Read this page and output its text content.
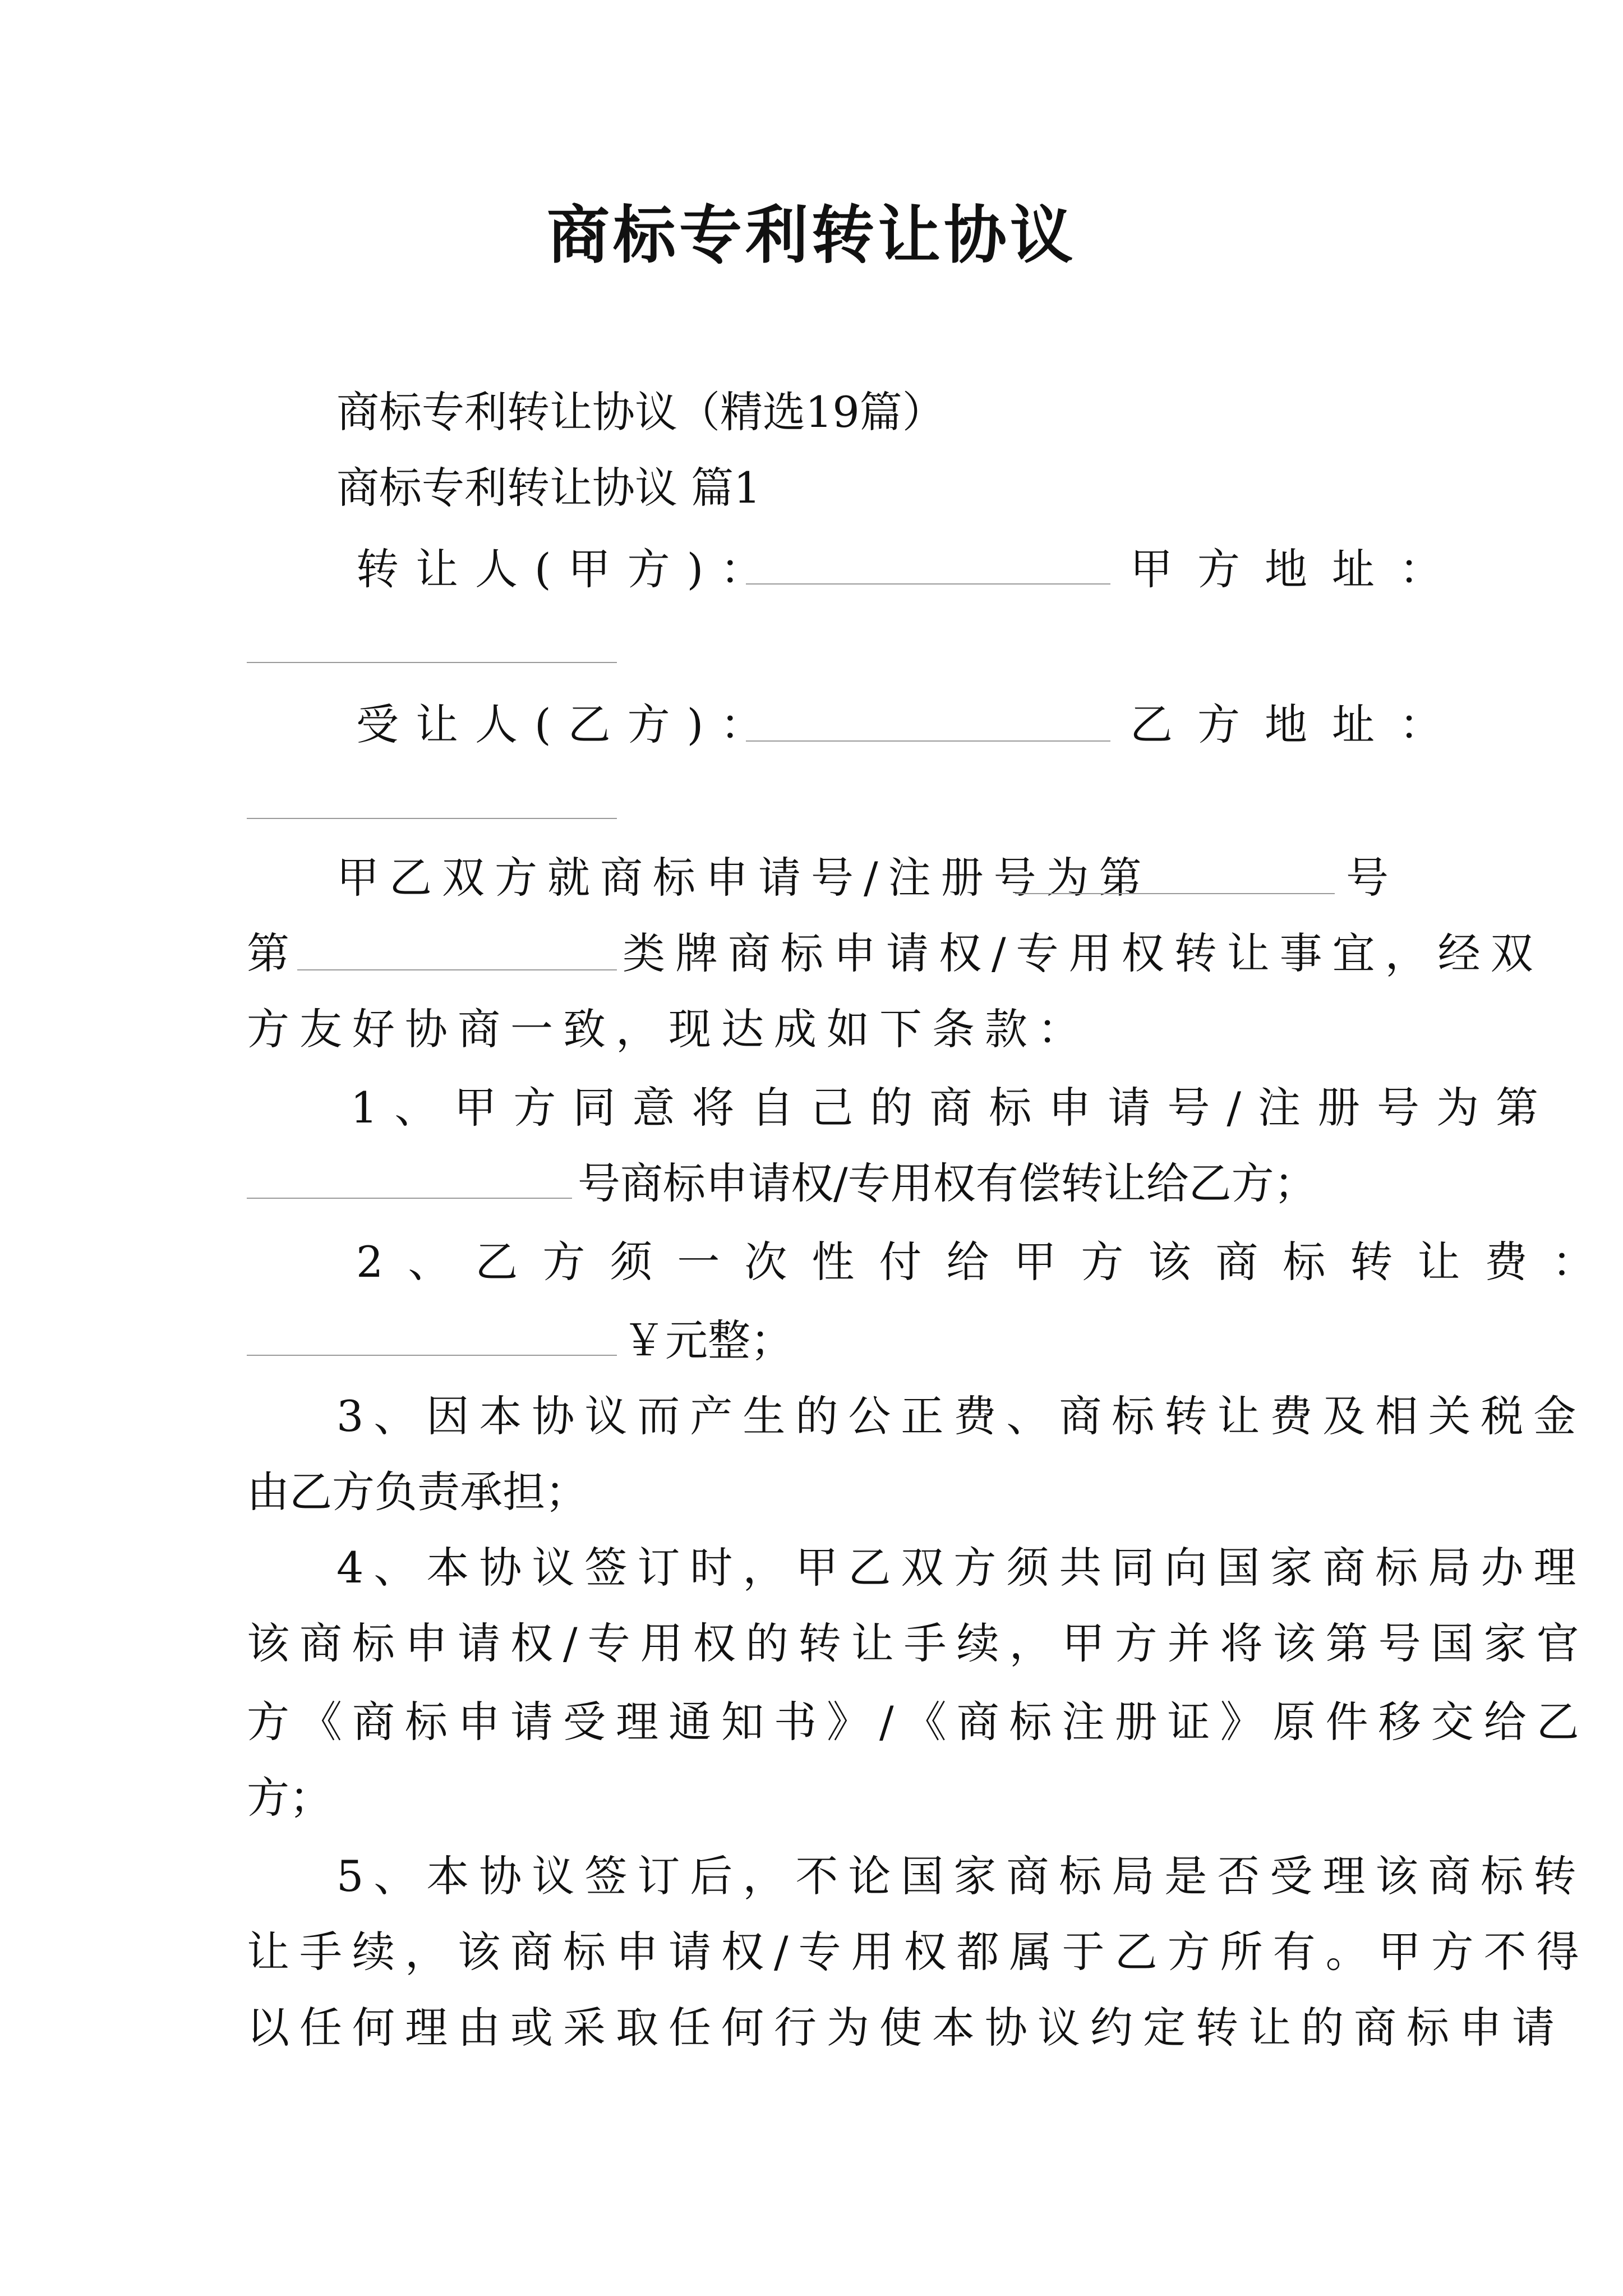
商标专利转让协议
商标专利转让协议（精选19篇）
商标专利转让协议 篇1
转让人(甲方)：	甲方地址：
受让人(乙方)：	乙方地址：
甲乙双方就商标申请号/注册号为第	号
第	类牌商标申请权/专用权转让事宜，经双
方友好协商一致，现达成如下条款：
1、甲方同意将自己的商标申请号/注册号为第
号商标申请权/专用权有偿转让给乙方；
2、乙方须一次性付给甲方该商标转让费：
￥元整；
3、因本协议而产生的公正费、商标转让费及相关税金
由乙方负责承担；
4、本协议签订时，甲乙双方须共同向国家商标局办理
该商标申请权/专用权的转让手续，甲方并将该第号国家官
方《商标申请受理通知书》/《商标注册证》原件移交给乙
方；
5、本协议签订后，不论国家商标局是否受理该商标转
让手续，该商标申请权/专用权都属于乙方所有。甲方不得
以任何理由或采取任何行为使本协议约定转让的商标申请
